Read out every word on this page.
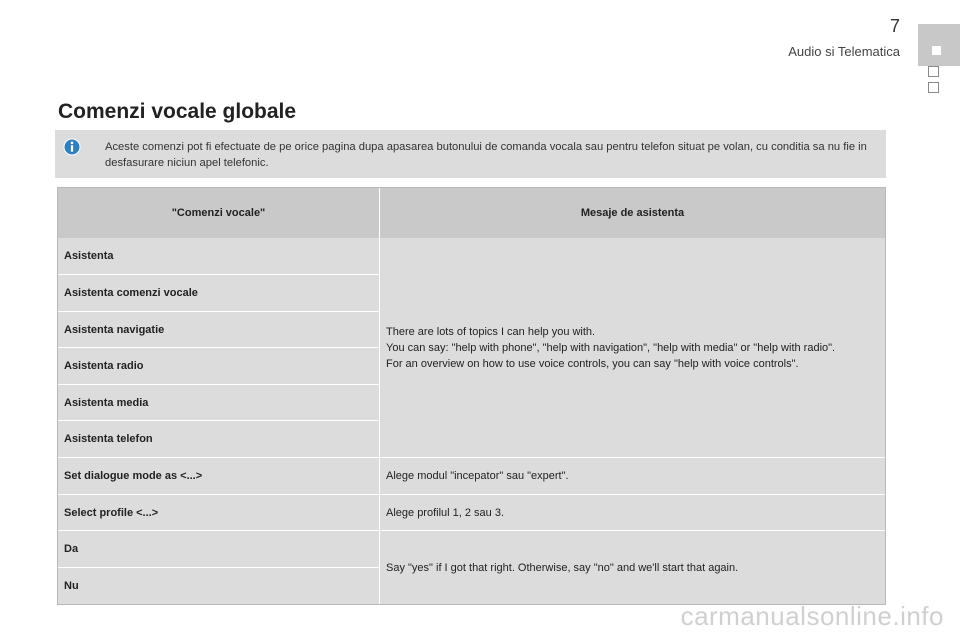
7
Audio si Telematica
Comenzi vocale globale
Aceste comenzi pot fi efectuate de pe orice pagina dupa apasarea butonului de comanda vocala sau pentru telefon situat pe volan, cu conditia sa nu fie in desfasurare niciun apel telefonic.
"Comenzi vocale"	Mesaje de asistenta
Asistenta
Asistenta comenzi vocale
Asistenta navigatie
Asistenta radio
Asistenta media
Asistenta telefon
There are lots of topics I can help you with.
You can say: "help with phone", "help with navigation", "help with media" or "help with radio".
For an overview on how to use voice controls, you can say "help with voice controls".
Set dialogue mode as <...>	Alege modul "incepator" sau "expert".
Select profile <...>	Alege profilul 1, 2 sau 3.
Da
Nu
Say "yes" if I got that right. Otherwise, say "no" and we'll start that again.
carmanualsonline.info
